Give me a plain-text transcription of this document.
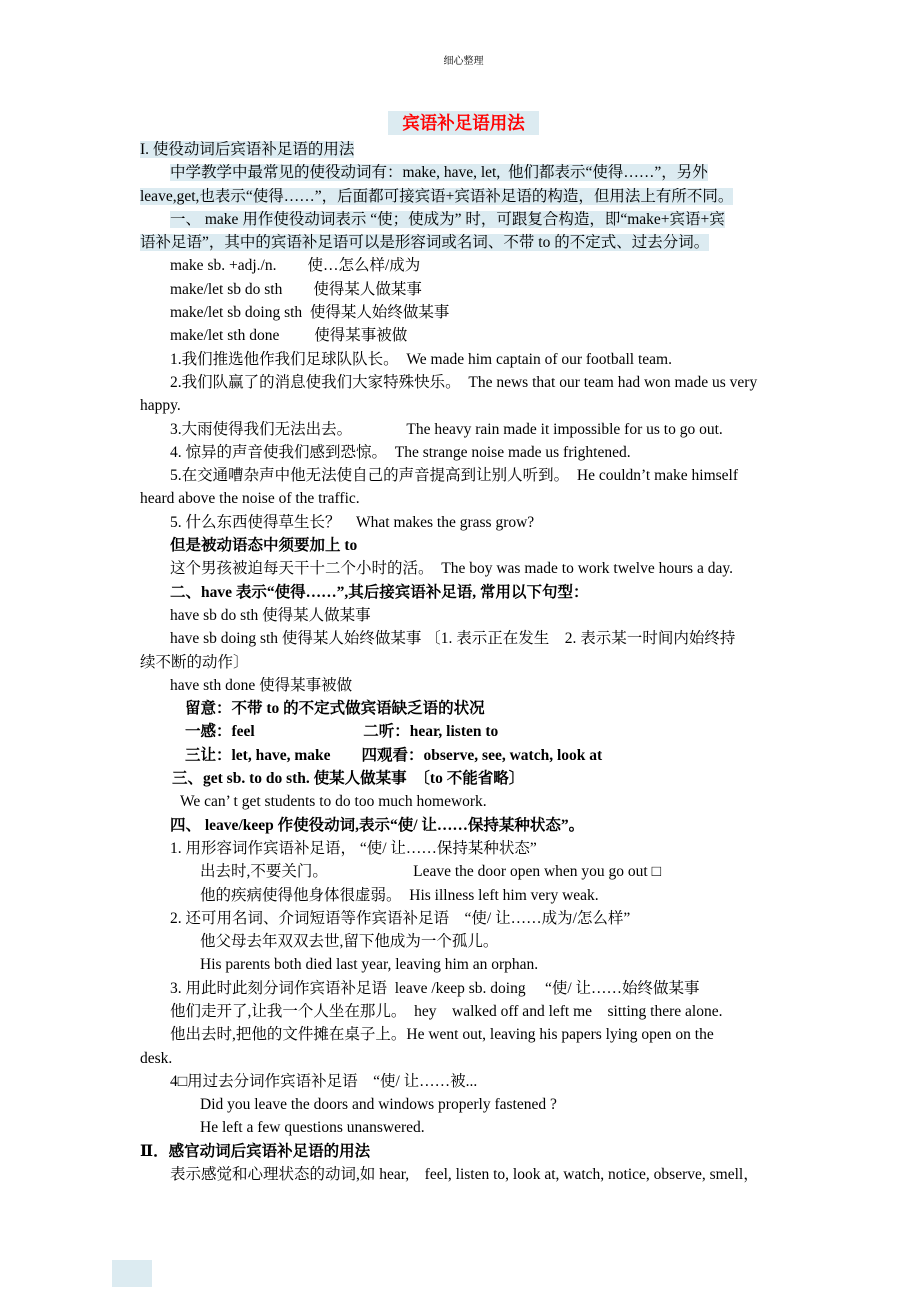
细心整理
宾语补足语用法
I. 使役动词后宾语补足语的用法
中学教学中最常见的使役动词有：make, have, let,  他们都表示“使得……”，另外
leave,get,也表示“使得……”，后面都可接宾语+宾语补足语的构造，但用法上有所不同。
一、 make 用作使役动词表示 “使；使成为” 时，可跟复合构造，即“make+宾语+宾
语补足语”，其中的宾语补足语可以是形容词或名词、不带 to 的不定式、过去分词。
make sb. +adj./n.　　使…怎么样/成为
make/let sb do sth　　使得某人做某事
make/let sb doing sth  使得某人始终做某事
make/let sth done　　 使得某事被做
1.我们推选他作我们足球队队长。  We made him captain of our football team.
2.我们队赢了的消息使我们大家特殊快乐。  The news that our team had won made us very
happy.
3.大雨使得我们无法出去。　　　　The heavy rain made it impossible for us to go out.
4. 惊异的声音使我们感到恐惊。　The strange noise made us frightened.
5.在交通嘈杂声中他无法使自己的声音提高到让别人听到。  He couldn’t make himself
heard above the noise of the traffic.
5. 什么东西使得草生长？　What makes the grass grow?
但是被动语态中须要加上 to
这个男孩被迫每天干十二个小时的活。  The boy was made to work twelve hours a day.
二、have 表示“使得……”,其后接宾语补足语, 常用以下句型：
have sb do sth 使得某人做某事
have sb doing sth 使得某人始终做某事 〔1. 表示正在发生　2. 表示某一时间内始终持
续不断的动作〕
have sth done 使得某事被做
留意：不带 to 的不定式做宾语缺乏语的状况
一感：feel　　　　　　　二听：hear, listen to
三让：let, have, make　　四观看：observe, see, watch, look at
三、get sb. to do sth. 使某人做某事　〔to 不能省略〕
We can’ t get students to do too much homework.
四、 leave/keep 作使役动词,表示“使/ 让……保持某种状态”。
1. 用形容词作宾语补足语， “使/ 让……保持某种状态”
出去时,不要关门。　　　　　　Leave the door open when you go out □
他的疾病使得他身体很虚弱。  His illness left him very weak.
2. 还可用名词、介词短语等作宾语补足语　“使/ 让……成为/怎么样”
他父母去年双双去世,留下他成为一个孤儿。
His parents both died last year, leaving him an orphan.
3. 用此时此刻分词作宾语补足语  leave /keep sb. doing 　“使/ 让……始终做某事
他们走开了,让我一个人坐在那儿。　hey　walked off and left me　sitting there alone.
他出去时,把他的文件摊在桌子上。He went out, leaving his papers lying open on the
desk.
4□用过去分词作宾语补足语　“使/ 让……被...
Did you leave the doors and windows properly fastened ?
He left a few questions unanswered.
Ⅱ．感官动词后宾语补足语的用法
表示感觉和心理状态的动词,如 hear,　feel, listen to, look at, watch, notice, observe, smell，
